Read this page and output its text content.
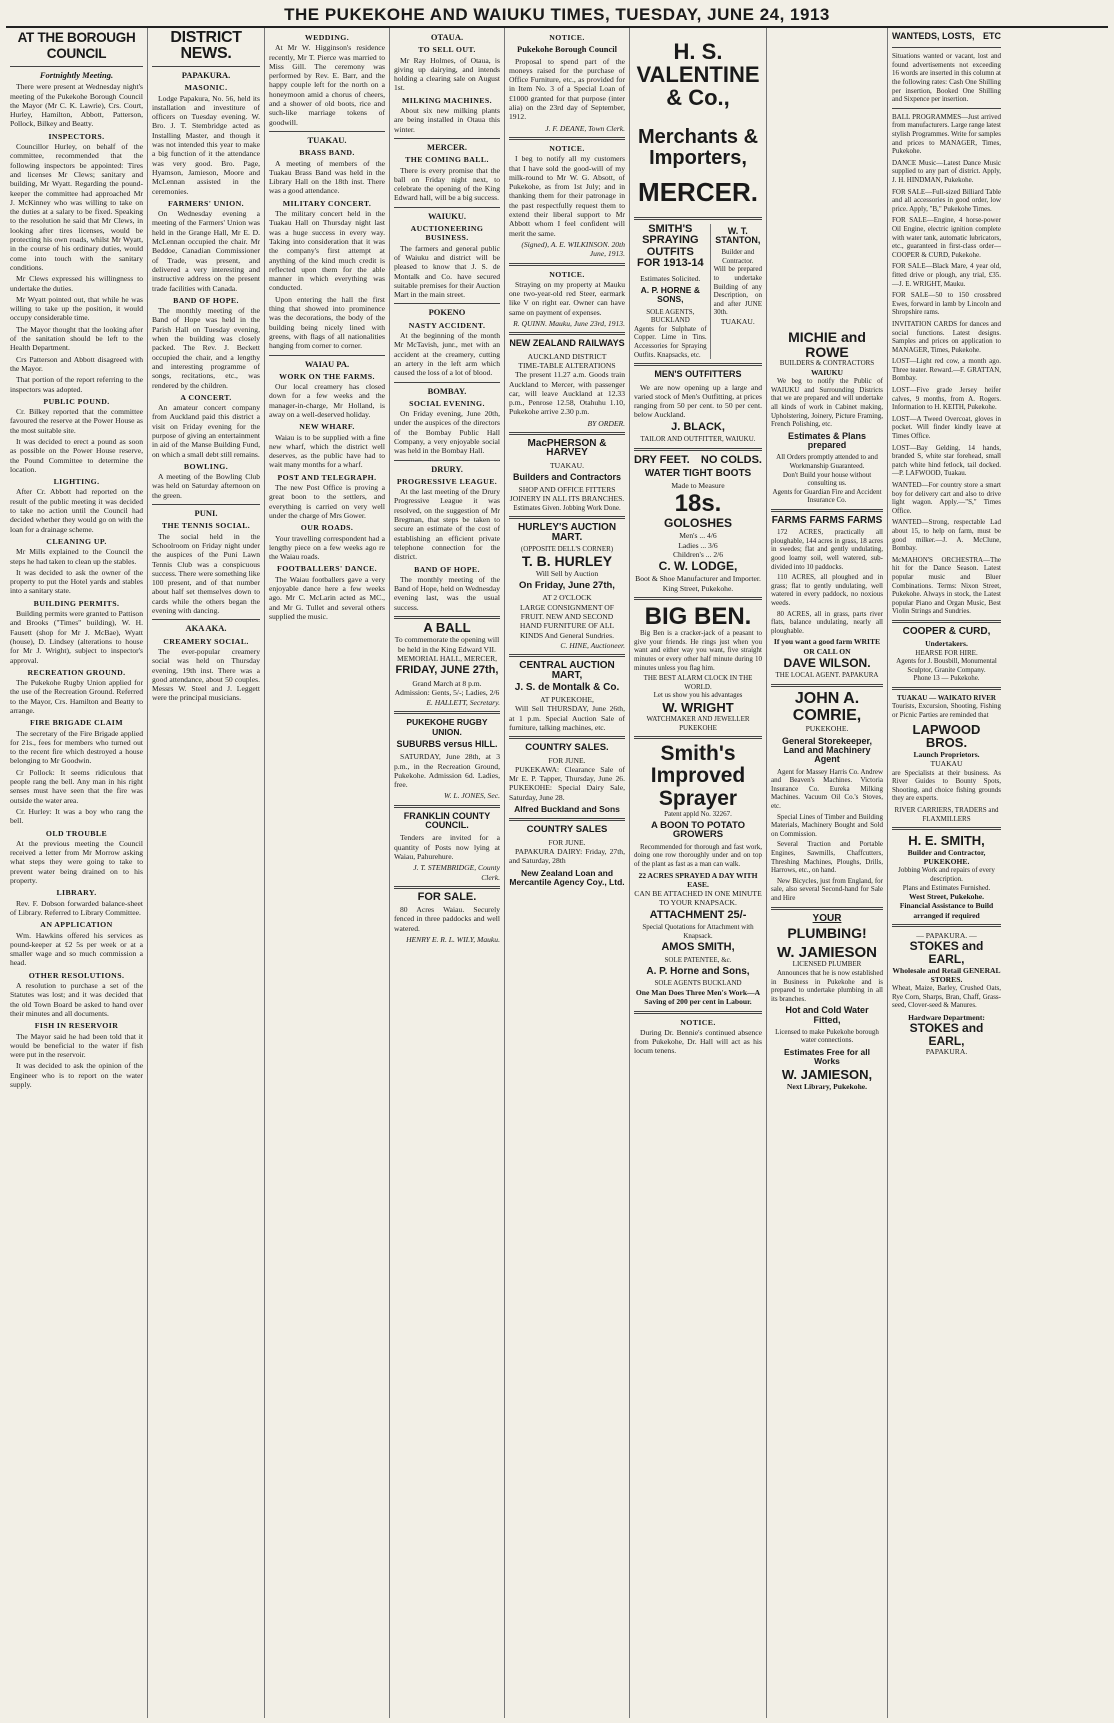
THE PUKEKOHE AND WAIUKU TIMES, TUESDAY, JUNE 24, 1913
AT THE BOROUGH COUNCIL
Fortnightly Meeting.

There were present at Wednesday night's meeting of the Pukekohe Borough Council the Mayor (Mr C. K. Lawrie), Crs. Court, Hurley, Hamilton, Abbott, Patterson, Pollock, Bilkey and Beatty.

INSPECTORS.

Councillor Hurley, on behalf of the committee, recommended that the following inspectors be appointed: Tires and licenses Mr Clews; sanitary and building, Mr Wyatt. Regarding the pound-keeper the committee had approached Mr J. McKinney who was willing to take on the duties at a salary to be fixed. Speaking to the resolution he said that Mr Clews, in looking after tires licenses, would be protecting his own roads, whilst Mr Wyatt, in the course of his ordinary duties, would come into touch with the sanitary conditions.

Mr Clews expressed his willingness to undertake the duties.

Mr Wyatt pointed out, that while he was willing to take up the position, it would occupy considerable time.

The Mayor thought that the looking after of the sanitation should be left to the Health Department.

Crs Patterson and Abbott disagreed with the Mayor.

That portion of the report referring to the inspectors was adopted.

PUBLIC POUND.

Cr. Bilkey reported that the committee favoured the reserve at the Power House as the most suitable site.

It was decided to erect a pound as soon as possible on the Power House reserve, the Pound Committee to determine the location.

LIGHTING.

After Cr. Abbott had reported on the result of the public meeting it was decided to take no action until the Council had decided whether they would go on with the loan for a drainage scheme.

CLEANING UP.

Mr Mills explained to the Council the steps he had taken to clean up the stables.

It was decided to ask the owner of the property to put the Hotel yards and stables into a sanitary state.

BUILDING PERMITS.

Building permits were granted to Pattison and Brooks ("Times" building), W. H. Fausett (shop for Mr J. McBae), Wyatt (house), D. Lindsey (alterations to house for Mr J. Wright), subject to inspector's approval.

RECREATION GROUND.

The Pukekohe Rugby Union applied for the use of the Recreation Ground. Referred to the Mayor, Crs. Hamilton and Beatty to arrange.

FIRE BRIGADE CLAIM

The secretary of the Fire Brigade applied for 21s., fees for members who turned out to the recent fire which destroyed a house belonging to Mr Goodwin.

Cr Pollock: It seems ridiculous that people rang the bell. Any man in his right senses must have seen that the fire was outside the water area.

Cr. Hurley: It was a boy who rang the bell.

OLD TROUBLE

At the previous meeting the Council received a letter from Mr Morrow asking what steps they were going to take to prevent water being drained on to his property.

LIBRARY.

Rev. F. Dobson forwarded balance-sheet of Library. Referred to Library Committee.

AN APPLICATION

Wm. Hawkins offered his services as pound-keeper at £2 5s per week or at a smaller wage and so much commission a head.

OTHER RESOLUTIONS.

A resolution to purchase a set of the Statutes was lost; and it was decided that the old Town Board be asked to hand over their minutes and all documents.

FISH IN RESERVOIR

The Mayor said he had been told that it would be beneficial to the water if fish were put in the reservoir.

It was decided to ask the opinion of the Engineer who is to report on the water supply.

DISTRICT NEWS.
PAPAKURA.
MASONIC.

Lodge Papakura, No. 56, held its installation and investiture of officers on Tuesday evening. W. Bro. J. T. Stembridge acted as Installing Master, and though it was not intended this year to make a big function of it the attendance was very good. Bro. Page, Hyamson, Jamieson, Moore and McLennan assisted in the ceremonies.

FARMERS' UNION.

On Wednesday evening a meeting of the Farmers' Union was held in the Grange Hall, Mr E. D. McLennan occupied the chair. Mr Beddoe, Canadian Commissioner of Trade, was present, and delivered a very interesting and instructive address on the present trade facilities with Canada.

BAND OF HOPE.

The monthly meeting of the Band of Hope was held in the Parish Hall on Tuesday evening, when the building was closely packed. The Rev. J. Beckett occupied the chair, and a lengthy and interesting programme of songs, recitations, etc., was rendered by the children.

A CONCERT.

An amateur concert company from Auckland paid this district a visit on Friday evening for the purpose of giving an entertainment in aid of the Manse Building Fund, on which a small debt still remains.

BOWLING.

A meeting of the Bowling Club was held on Saturday afternoon on the green.

PUNI.
THE TENNIS SOCIAL.

The social held in the Schoolroom on Friday night under the auspices of the Puni Lawn Tennis Club was a conspicuous success. There were something like 100 present, and of that number about half set themselves down to cards while the others began the evening with dancing.

AKA AKA.
CREAMERY SOCIAL.

The ever-popular creamery social was held on Thursday evening, 19th inst. There was a good attendance, about 50 couples. Messrs W. Steel and J. Leggett were the principal musicians.

WEDDING.

At Mr W. Higginson's residence recently, Mr T. Pierce was married to Miss Gill. The ceremony was performed by Rev. E. Barr, and the happy couple left for the north on a honeymoon amid a chorus of cheers, and a shower of old boots, rice and such-like marriage tokens of goodwill.

TUAKAU.
BRASS BAND.

A meeting of members of the Tuakau Brass Band was held in the Library Hall on the 18th inst. There was a good attendance.

MILITARY CONCERT.

The military concert held in the Tuakau Hall on Thursday night last was a huge success in every way. Taking into consideration that it was the company's first attempt at anything of the kind much credit is reflected upon them for the able manner in which everything was conducted.

Upon entering the hall the first thing that showed into prominence was the decorations, the body of the building being nicely lined with greens, with flags of all nationalities hanging from corner to corner.

WAIAU PA.
WORK ON THE FARMS.

Our local creamery has closed down for a few weeks and the manager-in-charge, Mr Holland, is away on a well-deserved holiday.

NEW WHARF.

Waiau is to be supplied with a fine new wharf, which the district well deserves, as the public have had to wait many months for a wharf.

POST AND TELEGRAPH.

The new Post Office is proving a great boon to the settlers, and everything is carried on very well under the charge of Mrs Gower.

OUR ROADS.

Your travelling correspondent had a lengthy piece on a few weeks ago re the Waiau roads.

FOOTBALLERS' DANCE.

The Waiau footballers gave a very enjoyable dance here a few weeks ago. Mr C. McLarin acted as MC., and Mr G. Tullet and several others supplied the music.

OTAUA.
TO SELL OUT.

Mr Ray Holmes, of Otaua, is giving up dairying, and intends holding a clearing sale on August 1st.

MILKING MACHINES.

About six new milking plants are being installed in Otaua this winter.

MERCER.
THE COMING BALL.

There is every promise that the ball on Friday night next, to celebrate the opening of the King Edward hall, will be a big success.

WAIUKU.
AUCTIONEERING BUSINESS.

The farmers and general public of Waiuku and district will be pleased to know that J. S. de Montalk and Co. have secured suitable premises for their Auction Mart in the main street.

POKENO
NASTY ACCIDENT.

At the beginning of the month Mr McTavish, junr., met with an accident at the creamery, cutting an artery in the left arm which caused the loss of a lot of blood.

BOMBAY.
SOCIAL EVENING.

On Friday evening, June 20th, under the auspices of the directors of the Bombay Public Hall Company, a very enjoyable social was held in the Bombay Hall.

DRURY.
PROGRESSIVE LEAGUE.

At the last meeting of the Drury Progressive League it was resolved, on the suggestion of Mr Bregman, that steps be taken to secure an estimate of the cost of establishing an efficient private telephone connection for the district.

BAND OF HOPE.

The monthly meeting of the Band of Hope, held on Wednesday evening last, was the usual success.

A BALL
To commemorate the opening will be held in the King Edward VII. MEMORIAL HALL, MERCER,
FRIDAY, JUNE 27th,
Grand March at 8 p.m.
Admission: Gents, 5/-; Ladies, 2/6
E. HALLETT, Secretary.
PUKEKOHE RUGBY UNION.
SUBURBS versus HILL.

SATURDAY, June 28th, at 3 p.m., in the Recreation Ground, Pukekohe. Admission 6d. Ladies, free.

W. L. JONES, Sec.
FRANKLIN COUNTY COUNCIL.

Tenders are invited for a quantity of Posts now lying at Waiau, Pahurehure.

J. T. STEMBRIDGE, County Clerk.
FOR SALE.

80 Acres Waiau. Securely fenced in three paddocks and well watered.

HENRY E. R. L. WILY, Mauku.
NOTICE.
Pukekohe Borough Council

Proposal to spend part of the moneys raised for the purchase of Office Furniture, etc., as provided for in Item No. 3 of a Special Loan of £1000 granted for that purpose (inter alia) on the 23rd day of September, 1912.

J. F. DEANE, Town Clerk.
NOTICE.

I beg to notify all my customers that I have sold the good-will of my milk-round to Mr W. G. Absott, of Pukekohe, as from 1st July; and in thanking them for their patronage in the past respectfully request them to extend their liberal support to Mr Abbott whom I feel confident will merit the same.

(Signed), A. E. WILKINSON. 20th June, 1913.
NOTICE.

Straying on my property at Mauku one two-year-old red Steer, earmark like V on right ear. Owner can have same on payment of expenses.

R. QUINN. Mauku, June 23rd, 1913.
NEW ZEALAND RAILWAYS
AUCKLAND DISTRICT
TIME-TABLE ALTERATIONS

The present 11.27 a.m. Goods train Auckland to Mercer, with passenger car, will leave Auckland at 12.33 p.m., Penrose 12.58, Otahuhu 1.10, Pukekohe arrive 2.30 p.m.

BY ORDER.
MacPHERSON & HARVEY
TUAKAU.
Builders and Contractors
SHOP AND OFFICE FITTERS JOINERY IN ALL ITS BRANCHES.
Estimates Given. Jobbing Work Done.
HURLEY'S AUCTION MART.
(OPPOSITE DELL'S CORNER)
T. B. HURLEY
Will Sell by Auction
On Friday, June 27th,
AT 2 O'CLOCK
LARGE CONSIGNMENT OF FRUIT. NEW AND SECOND HAND FURNITURE OF ALL KINDS And General Sundries.
C. HINE, Auctioneer.
CENTRAL AUCTION MART,
J. S. de Montalk & Co.
AT PUKEKOHE,

Will Sell THURSDAY, June 26th, at 1 p.m. Special Auction Sale of furniture, talking machines, etc.

COUNTRY SALES.
FOR JUNE.

PUKEKAWA: Clearance Sale of Mr E. P. Tapper, Thursday, June 26. PUKEKOHE: Special Dairy Sale, Saturday, June 28.

Alfred Buckland and Sons
COUNTRY SALES
FOR JUNE.

PAPAKURA DAIRY: Friday, 27th, and Saturday, 28th

New Zealand Loan and Mercantile Agency Coy., Ltd.
H. S. VALENTINE & Co.,
Merchants & Importers,
MERCER.
SMITH'S
SPRAYING
OUTFITS
FOR 1913-14
Estimates Solicited.
A. P. HORNE & SONS,
SOLE AGENTS, BUCKLAND
Agents for Sulphate of Copper. Lime in Tins. Accessories for Spraying Outfits. Knapsacks, etc.
W. T. STANTON,
Builder and Contractor.
Will be prepared to undertake Building of any Description, on and after JUNE 30th.
TUAKAU.
MEN'S OUTFITTERS

We are now opening up a large and varied stock of Men's Outfitting, at prices ranging from 50 per cent. to 50 per cent. below Auckland.

J. BLACK,
TAILOR AND OUTFITTER, WAIUKU.
DRY FEET. NO COLDS.
WATER TIGHT BOOTS
Made to Measure
18s.
GOLOSHES
Men's ... 4/6
Ladies ... 3/6
Children's ... 2/6
C. W. LODGE,
Boot & Shoe Manufacturer and Importer.
King Street, Pukekohe.
BIG BEN.

Big Ben is a cracker-jack of a peasant to give your friends. He rings just when you want and either way you want, five straight minutes or every other half minute during 10 minutes unless you flag him.

THE BEST ALARM CLOCK IN THE WORLD.
Let us show you his advantages
W. WRIGHT
WATCHMAKER AND JEWELLER PUKEKOHE
Smith's
Improved
Sprayer
Patent appld No. 32267.
A BOON TO POTATO GROWERS

Recommended for thorough and fast work, doing one row thoroughly under and on top of the plant as fast as a man can walk.

22 ACRES SPRAYED A DAY WITH EASE.
CAN BE ATTACHED IN ONE MINUTE TO YOUR KNAPSACK.
ATTACHMENT 25/-
Special Quotations for Attachment with Knapsack.
AMOS SMITH,
SOLE PATENTEE, &c.
A. P. Horne and Sons,
SOLE AGENTS BUCKLAND
One Man Does Three Men's Work—A Saving of 200 per cent in Labour.
NOTICE.

During Dr. Bennie's continued absence from Pukekohe, Dr. Hall will act as his locum tenens.

MICHIE and ROWE
BUILDERS & CONTRACTORS
WAIUKU

We beg to notify the Public of WAIUKU and Surrounding Districts that we are prepared and will undertake all kinds of work in Cabinet making, Upholstering, Joinery, Picture Framing, French Polishing, etc.

Estimates & Plans prepared
All Orders promptly attended to and Workmanship Guaranteed.
Don't Build your house without consulting us.
Agents for Guardian Fire and Accident Insurance Co.
FARMS FARMS FARMS

172 ACRES, practically all ploughable, 144 acres in grass, 18 acres in swedes; flat and gently undulating, good loamy soil, well watered, sub-divided into 10 paddocks.

110 ACRES, all ploughed and in grass; flat to gently undulating, well watered in every paddock, no noxious weeds.

80 ACRES, all in grass, parts river flats, balance undulating, nearly all ploughable.

If you want a good farm WRITE OR CALL ON
DAVE WILSON.
THE LOCAL AGENT. PAPAKURA
JOHN A. COMRIE,
PUKEKOHE.
General Storekeeper, Land and Machinery Agent

Agent for Massey Harris Co. Andrew and Beaven's Machines. Victoria Insurance Co. Eureka Milking Machines. Vacuum Oil Co.'s Stoves, etc.

Special Lines of Timber and Building Materials, Machinery Bought and Sold on Commission.

Several Traction and Portable Engines, Sawmills, Chaffcutters, Threshing Machines, Ploughs, Drills, Harrows, etc., on hand.

New Bicycles, just from England, for sale, also several Second-hand for Sale and Hire

YOUR
PLUMBING!
W. JAMIESON
LICENSED PLUMBER

Announces that he is now established in Business in Pukekohe and is prepared to undertake plumbing in all its branches.

Hot and Cold Water Fitted,
Licensed to make Pukekohe borough water connections.
Estimates Free for all Works
W. JAMIESON,
Next Library, Pukekohe.
WANTEDS, LOSTS, ETC

Situations wanted or vacant, lost and found advertisements not exceeding 16 words are inserted in this column at the following rates: Cash One Shilling per insertion, Booked One Shilling and Sixpence per insertion.

BALL PROGRAMMES—Just arrived from manufacturers. Large range latest stylish Programmes. Write for samples and prices to MANAGER, Times, Pukekohe.

DANCE Music—Latest Dance Music supplied to any part of district. Apply, J. H. HINDMAN, Pukekohe.

FOR SALE—Full-sized Billiard Table and all accessories in good order, low price. Apply, "B," Pukekohe Times.

FOR SALE—Engine, 4 horse-power Oil Engine, electric ignition complete with water tank, automatic lubricators, etc., guaranteed in first-class order—COOPER & CURD, Pukekohe.

FOR SALE—Black Mare, 4 year old, fitted drive or plough, any trial, £35.—J. E. WRIGHT, Mauku.

FOR SALE—50 to 150 crossbred Ewes, forward in lamb by Lincoln and Shropshire rams.

INVITATION CARDS for dances and social functions. Latest designs. Samples and prices on application to MANAGER, Times, Pukekohe.

LOST—Light red cow, a month ago. Three teater. Reward.—F. GRATTAN, Bombay.

LOST—Five grade Jersey heifer calves, 9 months, from A. Rogers. Information to H. KEITH, Pukekohe.

LOST—A Tweed Overcoat, gloves in pocket. Will finder kindly leave at Times Office.

LOST—Bay Gelding, 14 hands, branded S, white star forehead, small patch white hind fetlock, tail docked.—P. LAFWOOD, Tuakau.

WANTED—For country store a smart boy for delivery cart and also to drive light wagon. Apply.—"S," Times Office.

WANTED—Strong, respectable Lad about 15, to help on farm, must be good milker.—J. A. McClune, Bombay.

McMAHON'S ORCHESTRA—The hit for the Dance Season. Latest popular music and Bluer Combinations. Terms: Nixon Street, Pukekohe. Always in stock, the Latest popular Piano and Organ Music, Best Violin Strings and Sundries.

COOPER & CURD,
Undertakers.
HEARSE FOR HIRE.
Agents for J. Bousbill, Monumental Sculptor, Granite Company.
Phone 13 — Pukekohe.
TUAKAU — WAIKATO RIVER

Tourists, Excursion, Shooting, Fishing or Picnic Parties are reminded that

LAPWOOD BROS.
Launch Proprietors.
TUAKAU

are Specialists at their business. As River Guides to Bounty Spots, Shooting, and choice fishing grounds they are experts.

RIVER CARRIERS, TRADERS and FLAXMILLERS
H. E. SMITH,
Builder and Contractor, PUKEKOHE.
Jobbing Work and repairs of every description.
Plans and Estimates Furnished.
West Street, Pukekohe.
Financial Assistance to Build arranged if required
— PAPAKURA. —
STOKES and EARL,
Wholesale and Retail GENERAL STORES.

Wheat, Maize, Barley, Crushed Oats, Rye Corn, Sharps, Bran, Chaff, Grass-seed, Clover-seed & Manures.

Hardware Department:
STOKES and EARL,
PAPAKURA.
